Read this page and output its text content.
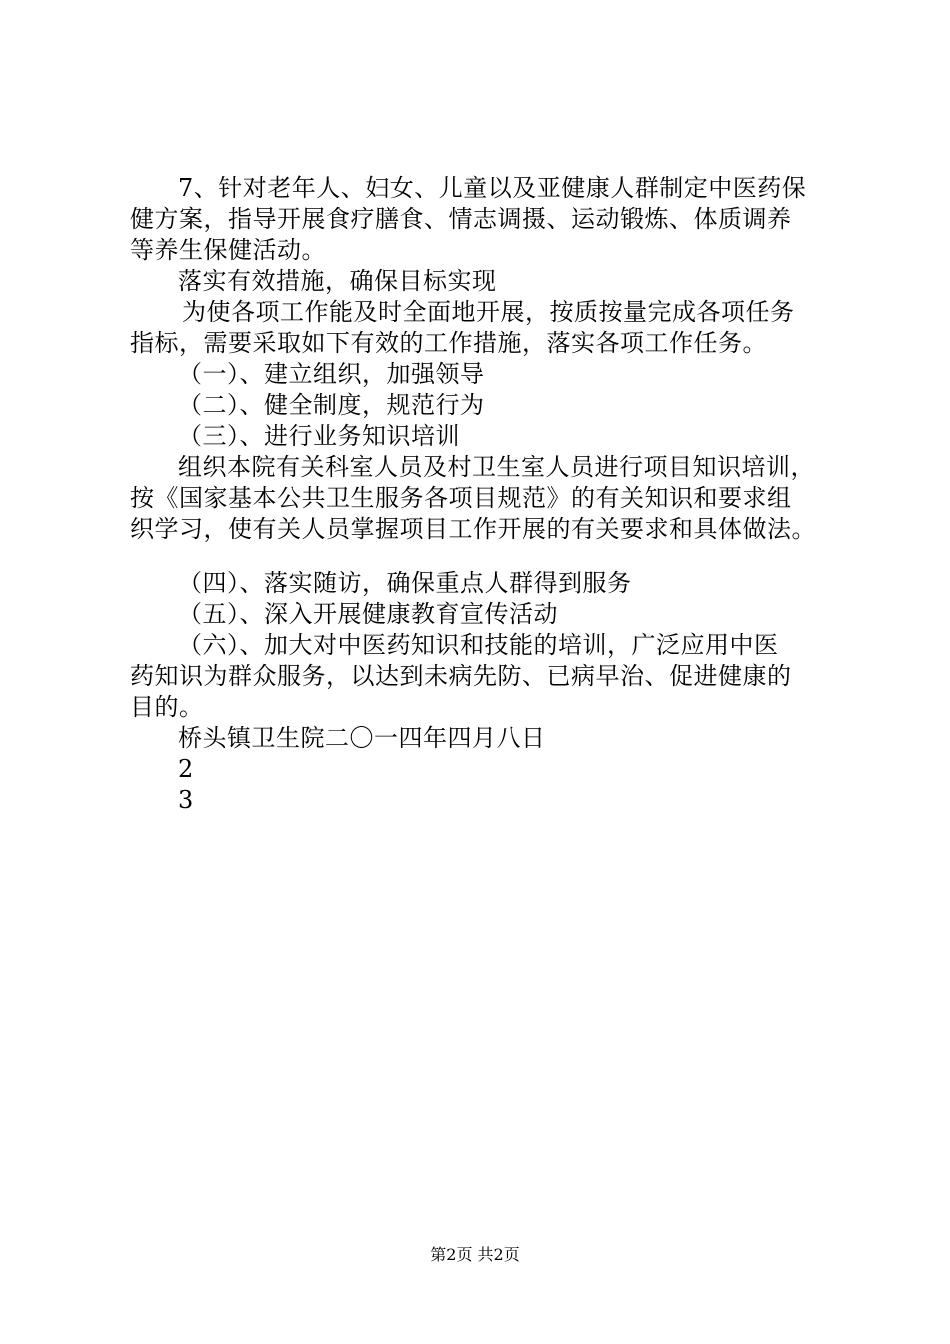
7、针对老年人、妇女、儿童以及亚健康人群制定中医药保
健方案，指导开展食疗膳食、情志调摄、运动锻炼、体质调养
等养生保健活动。
落实有效措施，确保目标实现
为使各项工作能及时全面地开展，按质按量完成各项任务
指标，需要采取如下有效的工作措施，落实各项工作任务。
（一）、建立组织，加强领导
（二）、健全制度，规范行为
（三）、进行业务知识培训
组织本院有关科室人员及村卫生室人员进行项目知识培训，
按《国家基本公共卫生服务各项目规范》的有关知识和要求组
织学习，使有关人员掌握项目工作开展的有关要求和具体做法。
（四）、落实随访，确保重点人群得到服务
（五）、深入开展健康教育宣传活动
（六）、加大对中医药知识和技能的培训，广泛应用中医
药知识为群众服务，以达到未病先防、已病早治、促进健康的
目的。
桥头镇卫生院二〇一四年四月八日
2
3
第2页 共2页
